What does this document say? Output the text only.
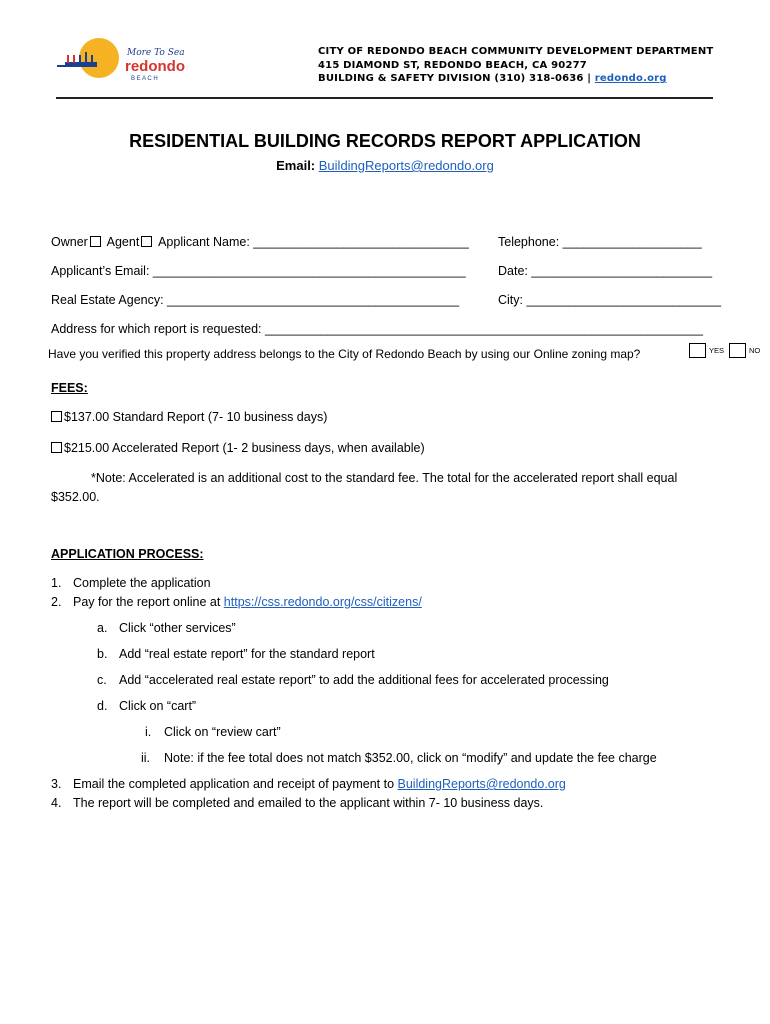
More To Sea
redondo
B E A C H
CITY OF REDONDO BEACH COMMUNITY DEVELOPMENT DEPARTMENT
415 DIAMOND ST, REDONDO BEACH, CA 90277
BUILDING & SAFETY DIVISION (310) 318-0636 | redondo.org
RESIDENTIAL BUILDING RECORDS REPORT APPLICATION
Email: BuildingReports@redondo.org
Owner Agent Applicant Name: _______________________________ Telephone: ____________________
Applicant’s Email: _____________________________________________	Date: __________________________
Real Estate Agency: __________________________________________	City: ____________________________
Address for which report is requested: _______________________________________________________________
Have you verified this property address belongs to the City of Redondo Beach by using our Online zoning map?	YES	NO
FEES:
$137.00 Standard Report (7- 10 business days)
$215.00 Accelerated Report (1- 2 business days, when available)
*Note: Accelerated is an additional cost to the standard fee. The total for the accelerated report shall equal
$352.00.
APPLICATION PROCESS:
1. Complete the application
2. Pay for the report online at https://css.redondo.org/css/citizens/
a. Click “other services”
b. Add “real estate report” for the standard report
c. Add “accelerated real estate report” to add the additional fees for accelerated processing
d. Click on “cart”
i. Click on “review cart”
ii. Note: if the fee total does not match $352.00, click on “modify” and update the fee charge
3. Email the completed application and receipt of payment to BuildingReports@redondo.org
4. The report will be completed and emailed to the applicant within 7- 10 business days.
